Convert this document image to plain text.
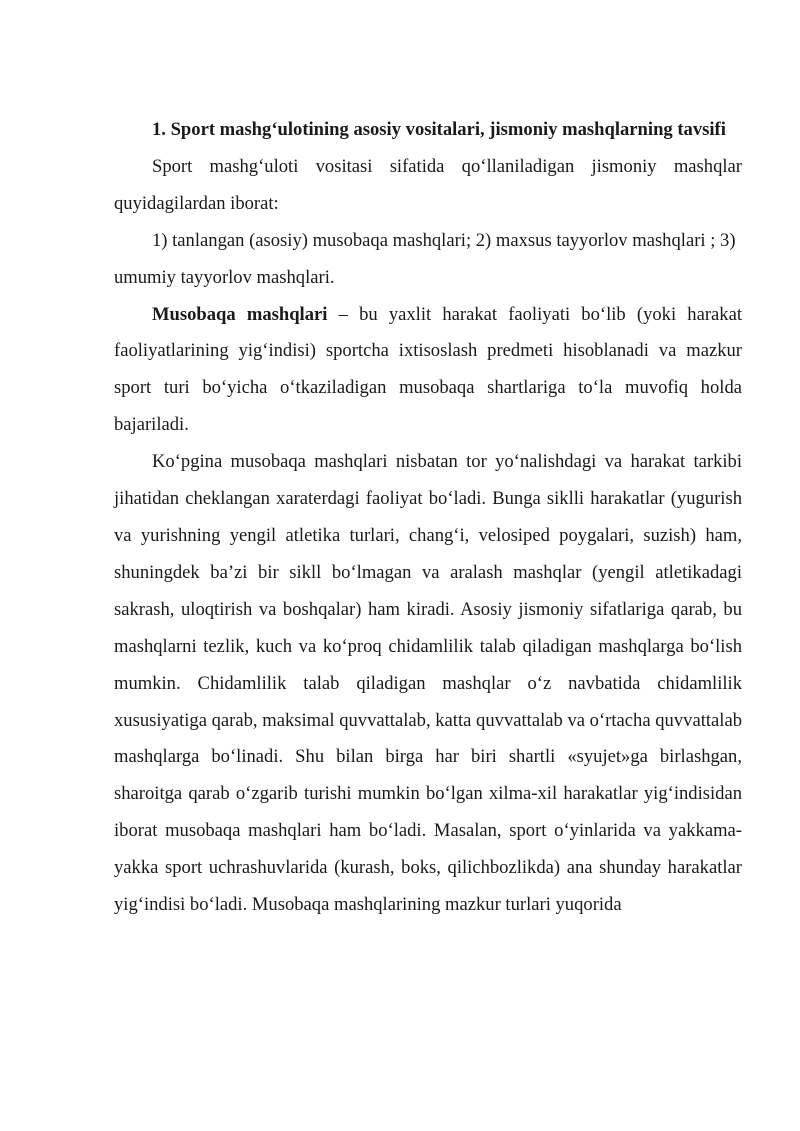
1. Sport mashg‘ulotining asosiy vositalari, jismoniy mashqlarning tavsifi

Sport mashg‘uloti vositasi sifatida qo‘llaniladigan jismoniy mashqlar quyidagilardan iborat:

1) tanlangan (asosiy) musobaqa mashqlari; 2) maxsus tayyorlov mashqlari ; 3) umumiy tayyorlov mashqlari.

Musobaqa mashqlari – bu yaxlit harakat faoliyati bo‘lib (yoki harakat faoliyatlarining yig‘indisi) sportcha ixtisoslash predmeti hisoblanadi va mazkur sport turi bo‘yicha o‘tkaziladigan musobaqa shartlariga to‘la muvofiq holda bajariladi.

Ko‘pgina musobaqa mashqlari nisbatan tor yo‘nalishdagi va harakat tarkibi jihatidan cheklangan xaraterdagi faoliyat bo‘ladi. Bunga siklli harakatlar (yugurish va yurishning yengil atletika turlari, chang‘i, velosiped poygalari, suzish) ham, shuningdek ba’zi bir sikll bo‘lmagan va aralash mashqlar (yengil atletikadagi sakrash, uloqtirish va boshqalar) ham kiradi. Asosiy jismoniy sifatlariga qarab, bu mashqlarni tezlik, kuch va ko‘proq chidamlilik talab qiladigan mashqlarga bo‘lish mumkin. Chidamlilik talab qiladigan mashqlar o‘z navbatida chidamlilik xususiyatiga qarab, maksimal quvvattalab, katta quvvattalab va o‘rtacha quvvattalab mashqlarga bo‘linadi. Shu bilan birga har biri shartli «syujet»ga birlashgan, sharoitga qarab o‘zgarib turishi mumkin bo‘lgan xilma-xil harakatlar yig‘indisidan iborat musobaqa mashqlari ham bo‘ladi. Masalan, sport o‘yinlarida va yakkama-yakka sport uchrashuvlarida (kurash, boks, qilichbozlikda) ana shunday harakatlar yig‘indisi bo‘ladi. Musobaqa mashqlarining mazkur turlari yuqorida
